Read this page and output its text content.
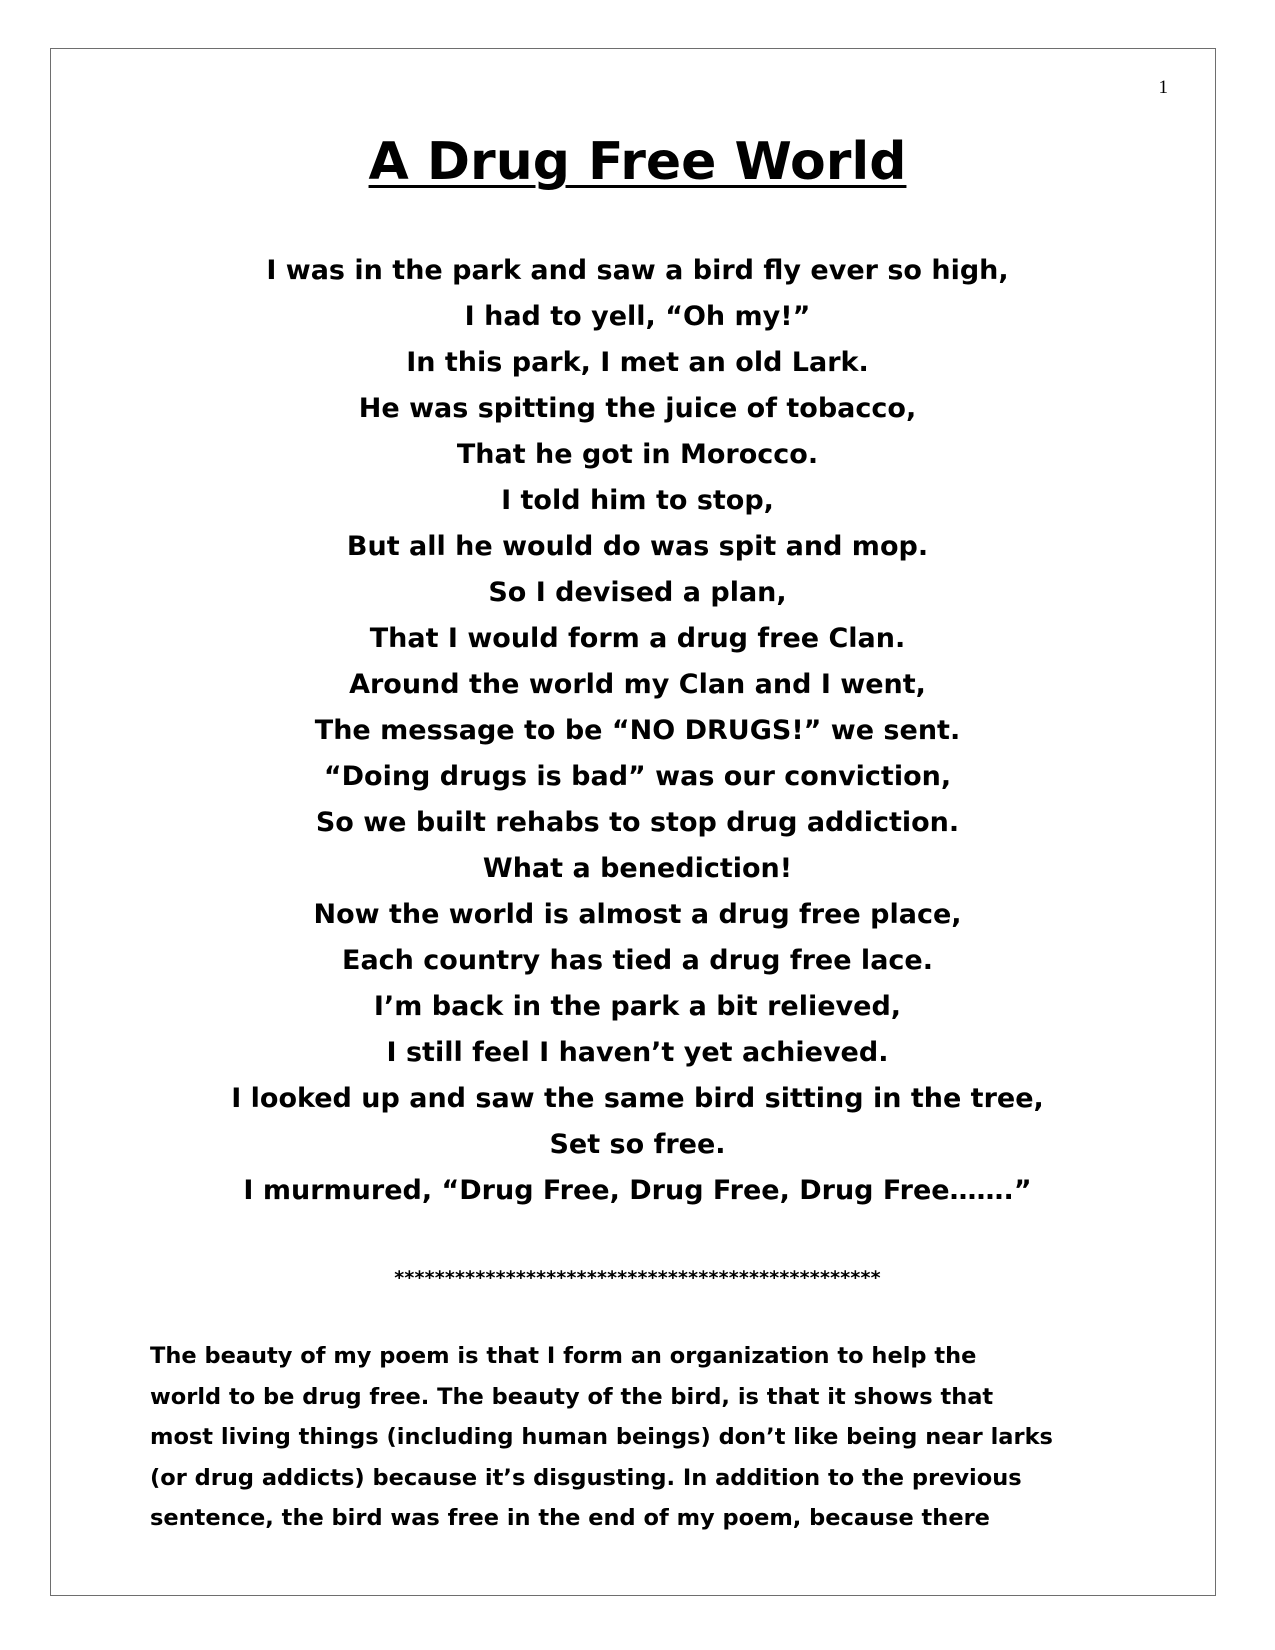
1
A Drug Free World
I was in the park and saw a bird fly ever so high,
I had to yell, “Oh my!”
In this park, I met an old Lark.
He was spitting the juice of tobacco,
That he got in Morocco.
I told him to stop,
But all he would do was spit and mop.
So I devised a plan,
That I would form a drug free Clan.
Around the world my Clan and I went,
The message to be “NO DRUGS!” we sent.
“Doing drugs is bad” was our conviction,
So we built rehabs to stop drug addiction.
What a benediction!
Now the world is almost a drug free place,
Each country has tied a drug free lace.
I’m back in the park a bit relieved,
I still feel I haven’t yet achieved.
I looked up and saw the same bird sitting in the tree,
Set so free.
I murmured, “Drug Free, Drug Free, Drug Free…….”
************************************************
The beauty of my poem is that I form an organization to help the
world to be drug free. The beauty of the bird, is that it shows that
most living things (including human beings) don’t like being near larks
(or drug addicts) because it’s disgusting. In addition to the previous
sentence, the bird was free in the end of my poem, because there
